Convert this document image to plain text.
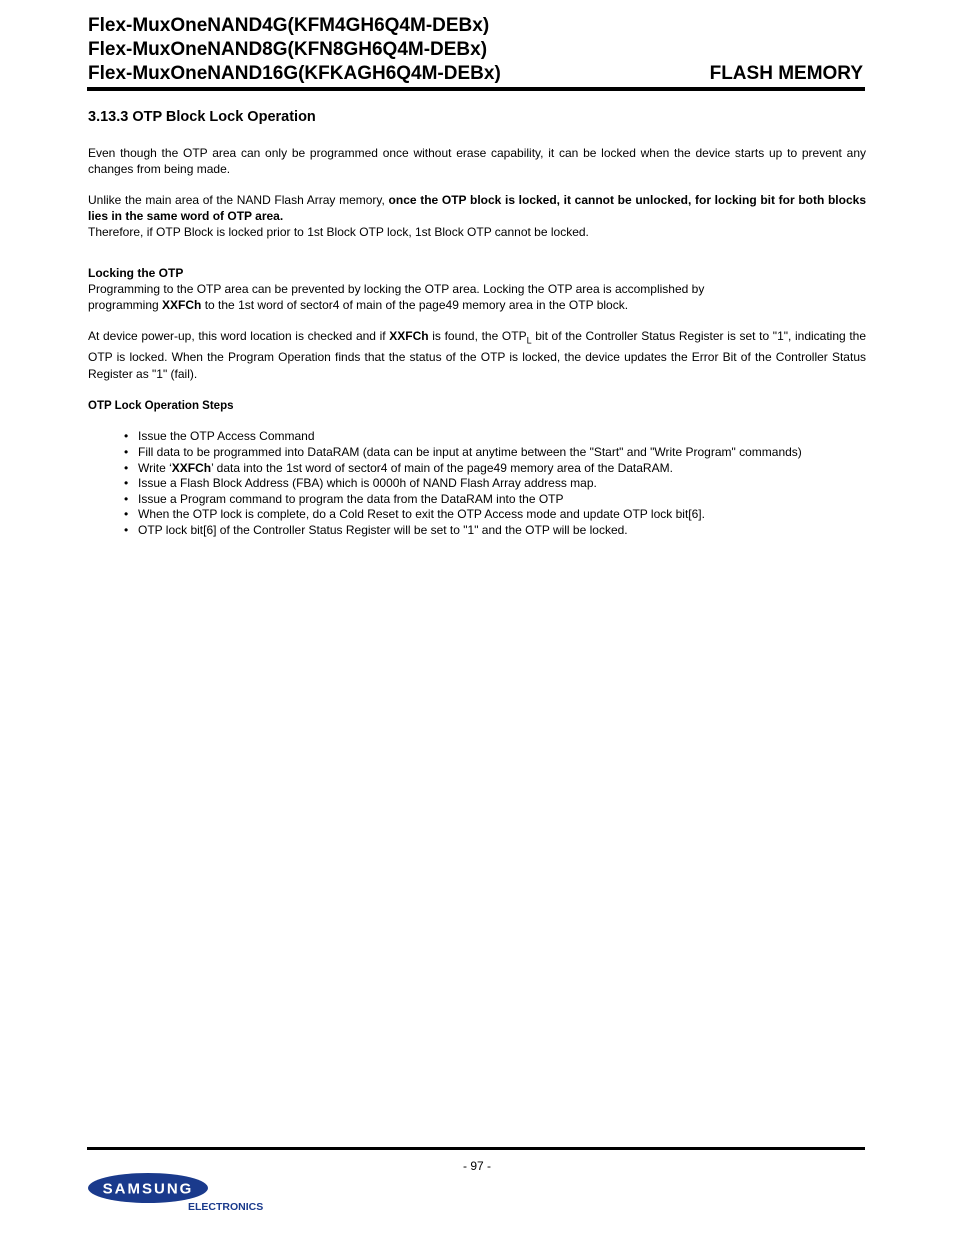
Flex-MuxOneNAND4G(KFM4GH6Q4M-DEBx)
Flex-MuxOneNAND8G(KFN8GH6Q4M-DEBx)
Flex-MuxOneNAND16G(KFKAGH6Q4M-DEBx)	FLASH MEMORY
3.13.3 OTP Block Lock Operation

Even though the OTP area can only be programmed once without erase capability, it can be locked when the device starts up to prevent any changes from being made.

Unlike the main area of the NAND Flash Array memory, once the OTP block is locked, it cannot be unlocked, for locking bit for both blocks lies in the same word of OTP area.

Therefore, if OTP Block is locked prior to 1st Block OTP lock, 1st Block OTP cannot be locked.

Locking the OTP
Programming to the OTP area can be prevented by locking the OTP area. Locking the OTP area is accomplished by
programming XXFCh to the 1st word of sector4 of main of the page49 memory area in the OTP block.

At device power-up, this word location is checked and if XXFCh is found, the $OTP_L$ bit of the Controller Status Register is set to "1", indicating the OTP is locked. When the Program Operation finds that the status of the OTP is locked, the device updates the Error Bit of the Controller Status Register as "1" (fail).

OTP Lock Operation Steps
• Issue the OTP Access Command
• Fill data to be programmed into DataRAM (data can be input at anytime between the "Start" and "Write Program" commands)
• Write ‘XXFCh’ data into the 1st word of sector4 of main of the page49 memory area of the DataRAM.
• Issue a Flash Block Address (FBA) which is 0000h of NAND Flash Array address map.
• Issue a Program command to program the data from the DataRAM into the OTP
• When the OTP lock is complete, do a Cold Reset to exit the OTP Access mode and update OTP lock bit[6].
• OTP lock bit[6] of the Controller Status Register will be set to "1" and the OTP will be locked.
- 97 -
SAMSUNG
ELECTRONICS
